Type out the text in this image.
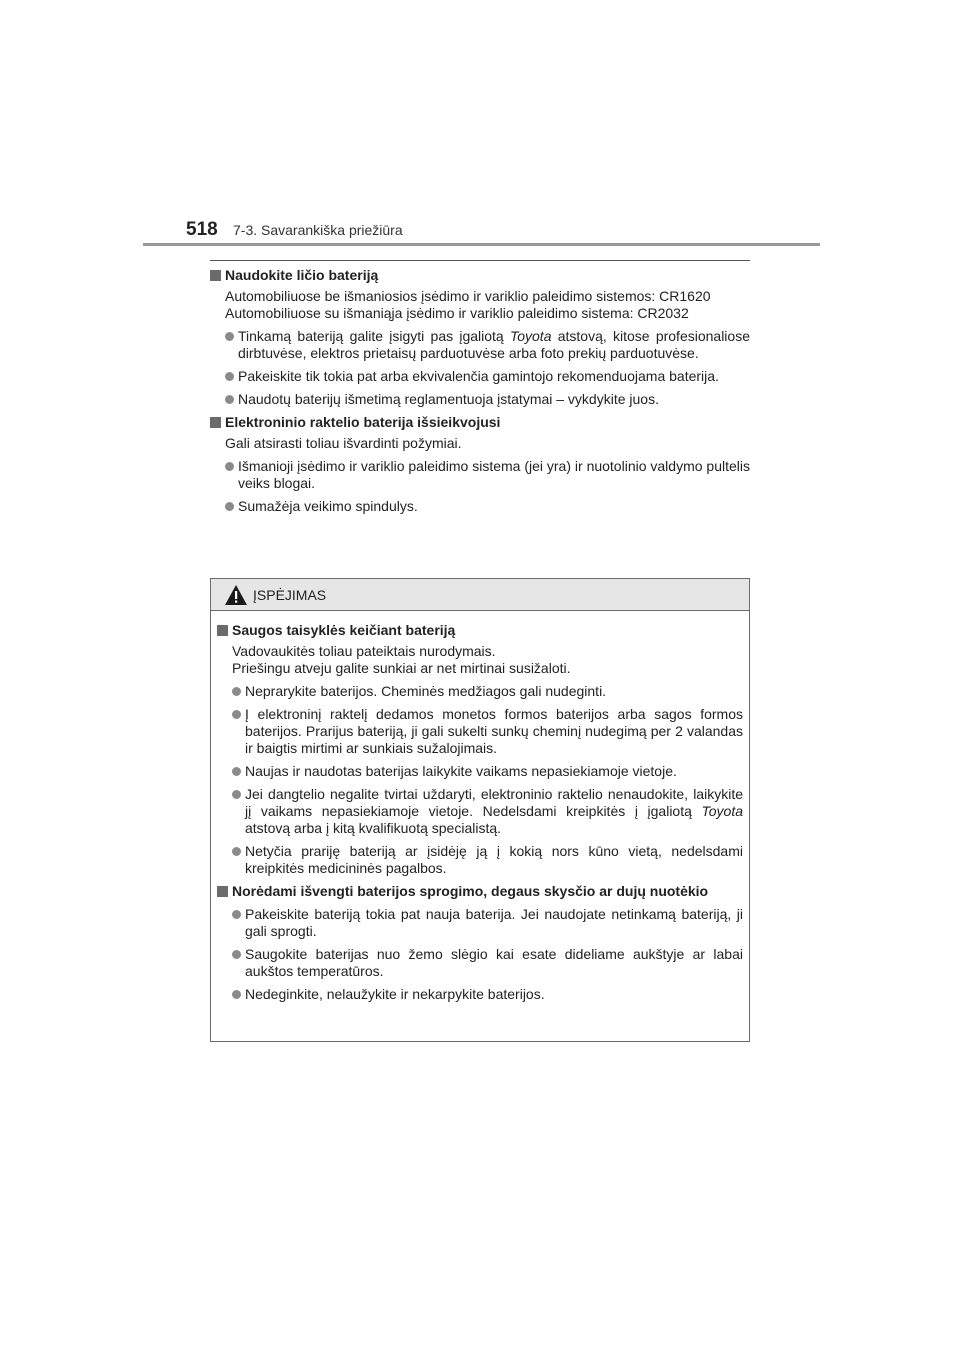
518 7-3. Savarankiška priežiūra

Naudokite ličio bateriją

Automobiliuose be išmaniosios įsėdimo ir variklio paleidimo sistemos: CR1620

Automobiliuose su išmaniąja įsėdimo ir variklio paleidimo sistema: CR2032

Tinkamą bateriją galite įsigyti pas įgaliotą Toyota atstovą, kitose profesionaliose dirbtuvėse, elektros prietaisų parduotuvėse arba foto prekių parduotuvėse.

Pakeiskite tik tokia pat arba ekvivalenčia gamintojo rekomenduojama baterija.

Naudotų baterijų išmetimą reglamentuoja įstatymai – vykdykite juos.

Elektroninio raktelio baterija išsieikvojusi

Gali atsirasti toliau išvardinti požymiai.

Išmanioji įsėdimo ir variklio paleidimo sistema (jei yra) ir nuotolinio valdymo pultelis veiks blogai.

Sumažėja veikimo spindulys.

ĮSPĖJIMAS

Saugos taisyklės keičiant bateriją

Vadovaukitės toliau pateiktais nurodymais.

Priešingu atveju galite sunkiai ar net mirtinai susižaloti.

Neprarykite baterijos. Cheminės medžiagos gali nudeginti.

Į elektroninį raktelį dedamos monetos formos baterijos arba sagos formos baterijos. Prarijus bateriją, ji gali sukelti sunkų cheminį nudegimą per 2 valandas ir baigtis mirtimi ar sunkiais sužalojimais.

Naujas ir naudotas baterijas laikykite vaikams nepasiekiamoje vietoje.

Jei dangtelio negalite tvirtai uždaryti, elektroninio raktelio nenaudokite, laikykite jį vaikams nepasiekiamoje vietoje. Nedelsdami kreipkitės į įgaliotą Toyota atstovą arba į kitą kvalifikuotą specialistą.

Netyčia prariję bateriją ar įsidėję ją į kokią nors kūno vietą, nedelsdami kreipkitės medicininės pagalbos.

Norėdami išvengti baterijos sprogimo, degaus skysčio ar dujų nuotėkio

Pakeiskite bateriją tokia pat nauja baterija. Jei naudojate netinkamą bateriją, ji gali sprogti.

Saugokite baterijas nuo žemo slėgio kai esate dideliame aukštyje ar labai aukštos temperatūros.

Nedeginkite, nelaužykite ir nekarpykite baterijos.
